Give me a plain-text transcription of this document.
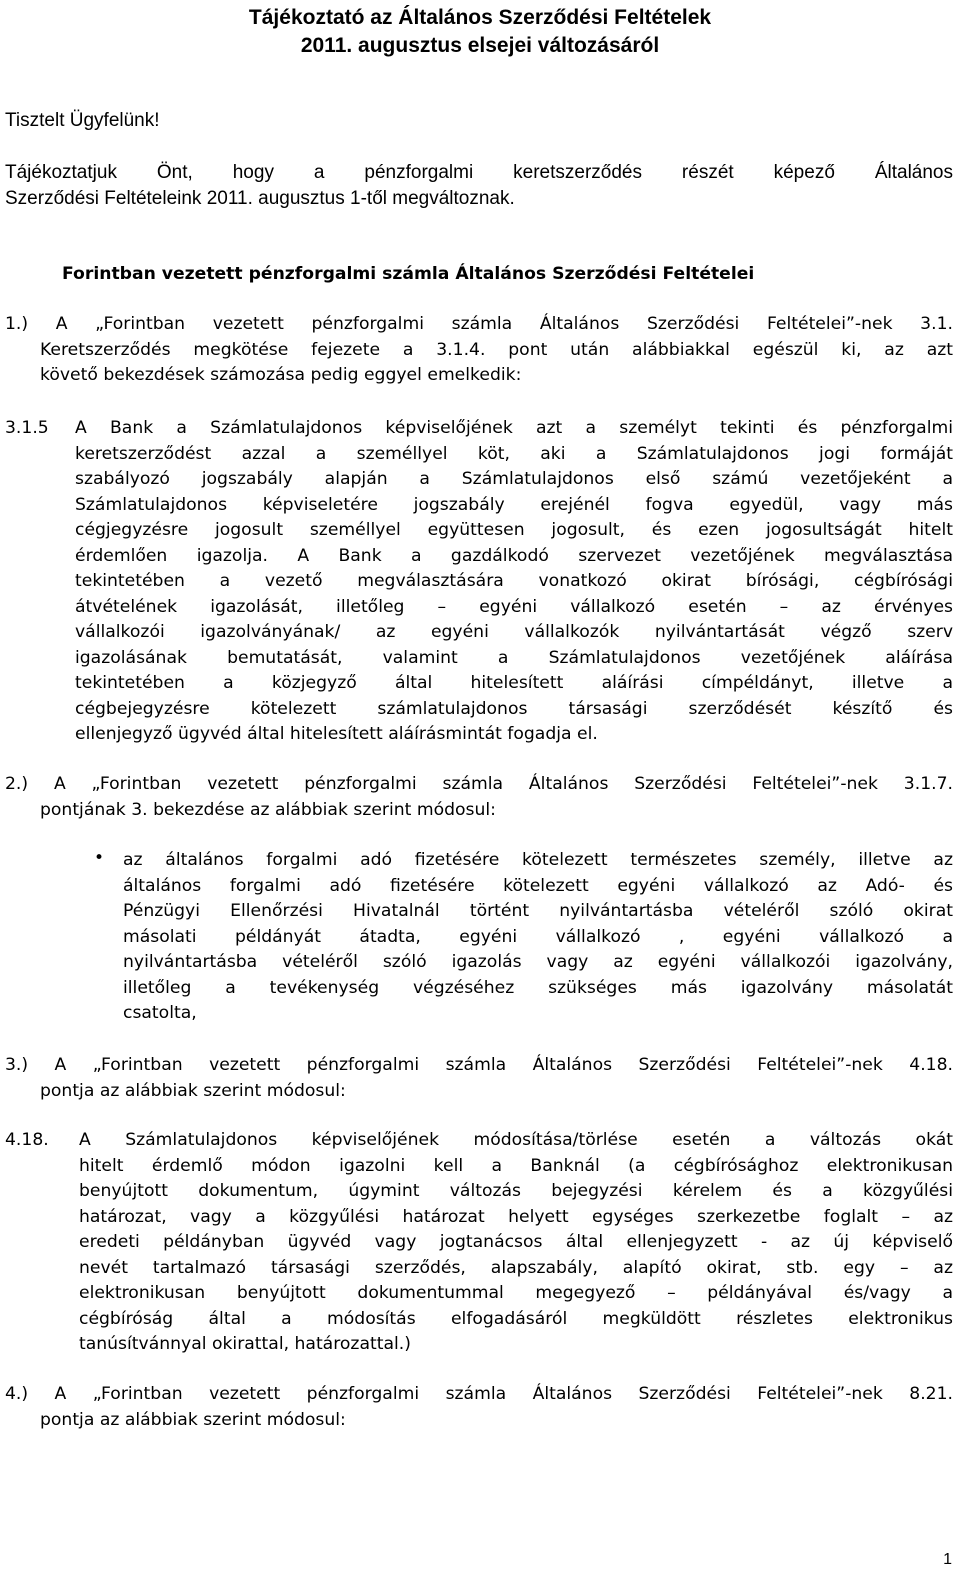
Tájékoztató az Általános Szerződési Feltételek
2011. augusztus elsejei változásáról
Tisztelt Ügyfelünk!
Tájékoztatjuk Önt, hogy a pénzforgalmi keretszerződés részét képező Általános
Szerződési Feltételeink 2011. augusztus 1-től megváltoznak.
Forintban vezetett pénzforgalmi számla Általános Szerződési Feltételei
1.) A „Forintban vezetett pénzforgalmi számla Általános Szerződési Feltételei”-nek 3.1.
Keretszerződés megkötése fejezete a 3.1.4. pont után alábbiakkal egészül ki, az azt
követő bekezdések számozása pedig eggyel emelkedik:
3.1.5 A Bank a Számlatulajdonos képviselőjének azt a személyt tekinti és pénzforgalmi
keretszerződést azzal a személlyel köt, aki a Számlatulajdonos jogi formáját
szabályozó jogszabály alapján a Számlatulajdonos első számú vezetőjeként a
Számlatulajdonos képviseletére jogszabály erejénél fogva egyedül, vagy más
cégjegyzésre jogosult személlyel együttesen jogosult, és ezen jogosultságát hitelt
érdemlően igazolja. A Bank a gazdálkodó szervezet vezetőjének megválasztása
tekintetében a vezető megválasztására vonatkozó okirat bírósági, cégbírósági
átvételének igazolását, illetőleg – egyéni vállalkozó esetén – az érvényes
vállalkozói igazolványának/ az egyéni vállalkozók nyilvántartását végző szerv
igazolásának bemutatását, valamint a Számlatulajdonos vezetőjének aláírása
tekintetében a közjegyző által hitelesített aláírási címpéldányt, illetve a
cégbejegyzésre kötelezett számlatulajdonos társasági szerződését készítő és
ellenjegyző ügyvéd által hitelesített aláírásmintát fogadja el.
2.) A „Forintban vezetett pénzforgalmi számla Általános Szerződési Feltételei”-nek 3.1.7.
pontjának 3. bekezdése az alábbiak szerint módosul:
• az általános forgalmi adó fizetésére kötelezett természetes személy, illetve az
általános forgalmi adó fizetésére kötelezett egyéni vállalkozó az Adó- és
Pénzügyi Ellenőrzési Hivatalnál történt nyilvántartásba vételéről szóló okirat
másolati példányát átadta, egyéni vállalkozó , egyéni vállalkozó a
nyilvántartásba vételéről szóló igazolás vagy az egyéni vállalkozói igazolvány,
illetőleg a tevékenység végzéséhez szükséges más igazolvány másolatát
csatolta,
3.) A „Forintban vezetett pénzforgalmi számla Általános Szerződési Feltételei”-nek 4.18.
pontja az alábbiak szerint módosul:
4.18. A Számlatulajdonos képviselőjének módosítása/törlése esetén a változás okát
hitelt érdemlő módon igazolni kell a Banknál (a cégbírósághoz elektronikusan
benyújtott dokumentum, úgymint változás bejegyzési kérelem és a közgyűlési
határozat, vagy a közgyűlési határozat helyett egységes szerkezetbe foglalt – az
eredeti példányban ügyvéd vagy jogtanácsos által ellenjegyzett - az új képviselő
nevét tartalmazó társasági szerződés, alapszabály, alapító okirat, stb. egy – az
elektronikusan benyújtott dokumentummal megegyező – példányával és/vagy a
cégbíróság által a módosítás elfogadásáról megküldött részletes elektronikus
tanúsítvánnyal okirattal, határozattal.)
4.) A „Forintban vezetett pénzforgalmi számla Általános Szerződési Feltételei”-nek 8.21.
pontja az alábbiak szerint módosul:
1
